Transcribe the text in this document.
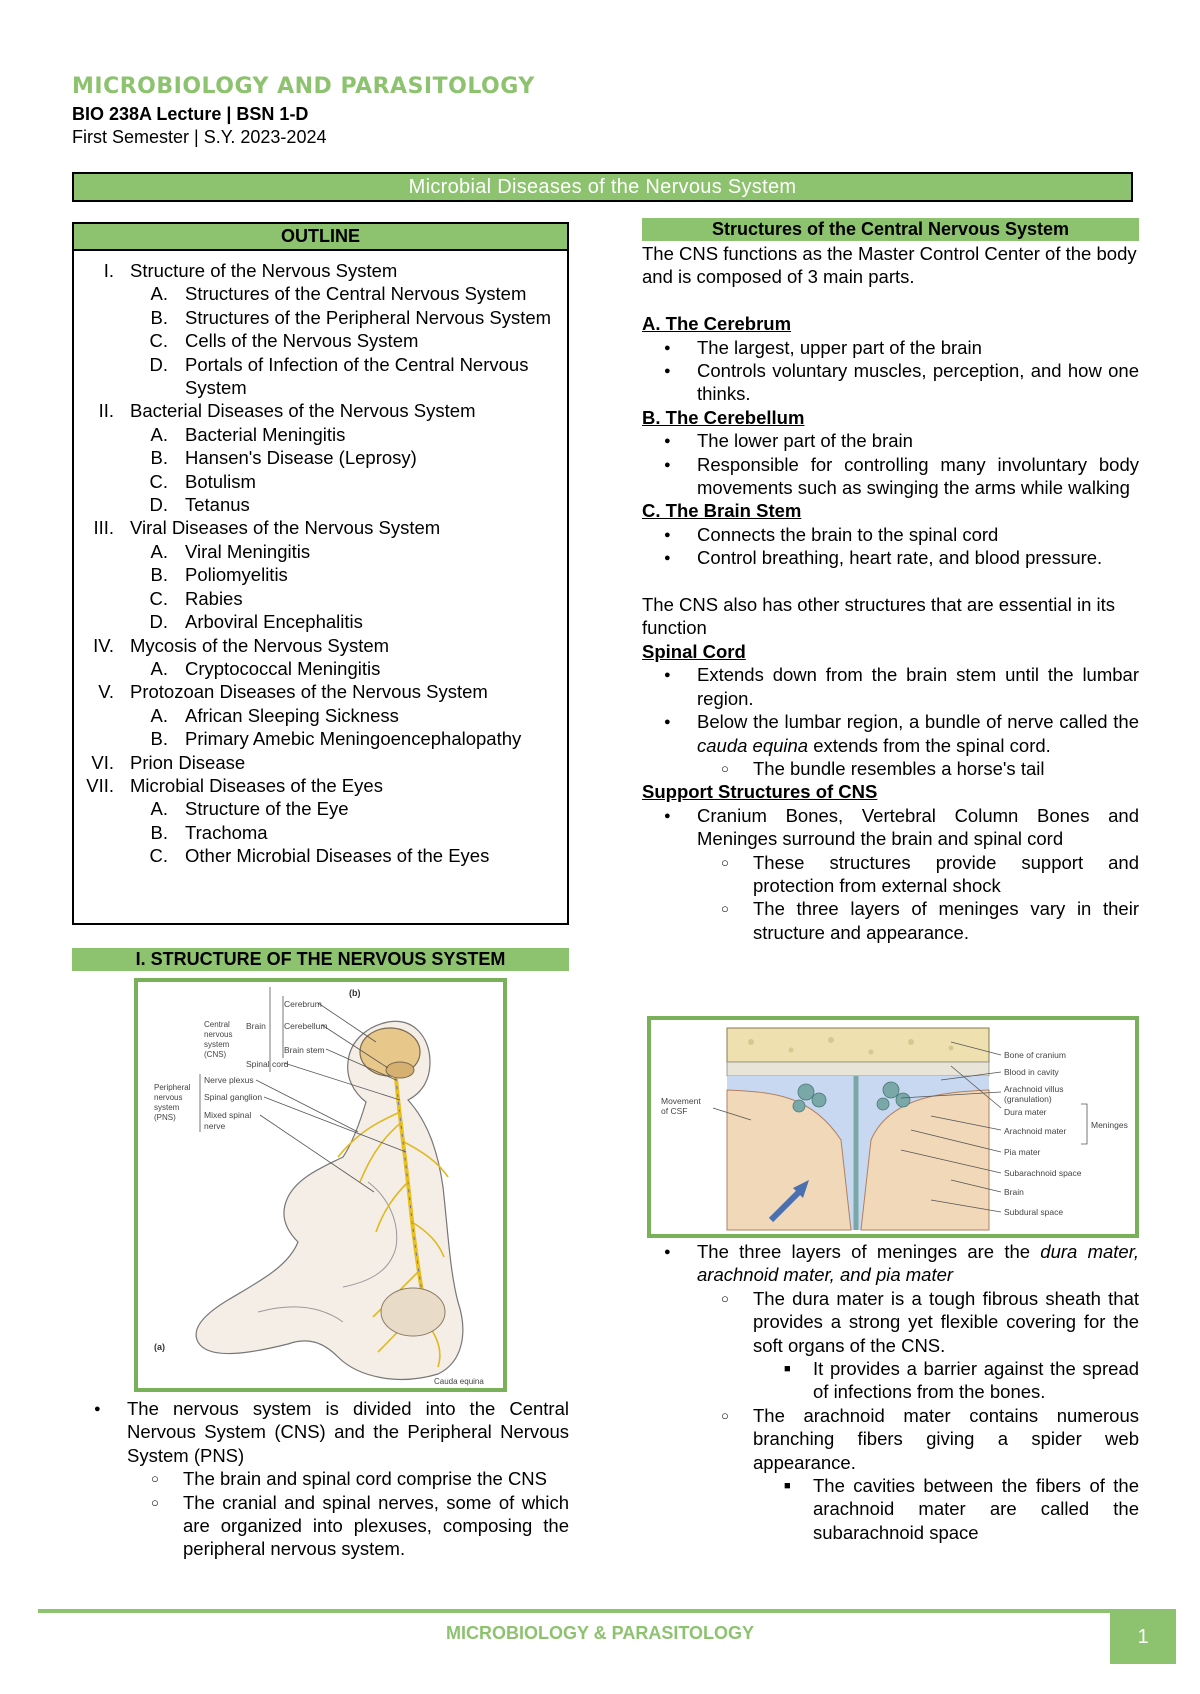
MICROBIOLOGY AND PARASITOLOGY
BIO 238A Lecture | BSN 1-D
First Semester | S.Y. 2023-2024
Microbial Diseases of the Nervous System
OUTLINE
I. Structure of the Nervous System
A. Structures of the Central Nervous System
B. Structures of the Peripheral Nervous System
C. Cells of the Nervous System
D. Portals of Infection of the Central Nervous System
II. Bacterial Diseases of the Nervous System
A. Bacterial Meningitis
B. Hansen's Disease (Leprosy)
C. Botulism
D. Tetanus
III. Viral Diseases of the Nervous System
A. Viral Meningitis
B. Poliomyelitis
C. Rabies
D. Arboviral Encephalitis
IV. Mycosis of the Nervous System
A. Cryptococcal Meningitis
V. Protozoan Diseases of the Nervous System
A. African Sleeping Sickness
B. Primary Amebic Meningoencephalopathy
VI. Prion Disease
VII. Microbial Diseases of the Eyes
A. Structure of the Eye
B. Trachoma
C. Other Microbial Diseases of the Eyes
I. STRUCTURE OF THE NERVOUS SYSTEM
(b)
Cerebrum
Cerebellum
Brain stem
Brain
Central
nervous
system
(CNS)
Spinal cord
Peripheral
nervous
system
(PNS)
Nerve plexus
Spinal ganglion
Mixed spinal
nerve
(a)
Cauda equina
● The nervous system is divided into the Central Nervous System (CNS) and the Peripheral Nervous System (PNS)
○ The brain and spinal cord comprise the CNS
○ The cranial and spinal nerves, some of which are organized into plexuses, composing the peripheral nervous system.
Structures of the Central Nervous System
The CNS functions as the Master Control Center of the body and is composed of 3 main parts.
A. The Cerebrum
● The largest, upper part of the brain
● Controls voluntary muscles, perception, and how one thinks.
B. The Cerebellum
● The lower part of the brain
● Responsible for controlling many involuntary body movements such as swinging the arms while walking
C. The Brain Stem
● Connects the brain to the spinal cord
● Control breathing, heart rate, and blood pressure.
The CNS also has other structures that are essential in its function
Spinal Cord
● Extends down from the brain stem until the lumbar region.
● Below the lumbar region, a bundle of nerve called the cauda equina extends from the spinal cord.
○ The bundle resembles a horse's tail
Support Structures of CNS
● Cranium Bones, Vertebral Column Bones and Meninges surround the brain and spinal cord
○ These structures provide support and protection from external shock
○ The three layers of meninges vary in their structure and appearance.
Bone of cranium
Blood in cavity
Arachnoid villus
(granulation)
Dura mater
Arachnoid mater
Meninges
Pia mater
Subarachnoid space
Brain
Subdural space
Movement
of CSF
● The three layers of meninges are the dura mater, arachnoid mater, and pia mater
○ The dura mater is a tough fibrous sheath that provides a strong yet flexible covering for the soft organs of the CNS.
■ It provides a barrier against the spread of infections from the bones.
○ The arachnoid mater contains numerous branching fibers giving a spider web appearance.
■ The cavities between the fibers of the arachnoid mater are called the subarachnoid space
MICROBIOLOGY & PARASITOLOGY	1
